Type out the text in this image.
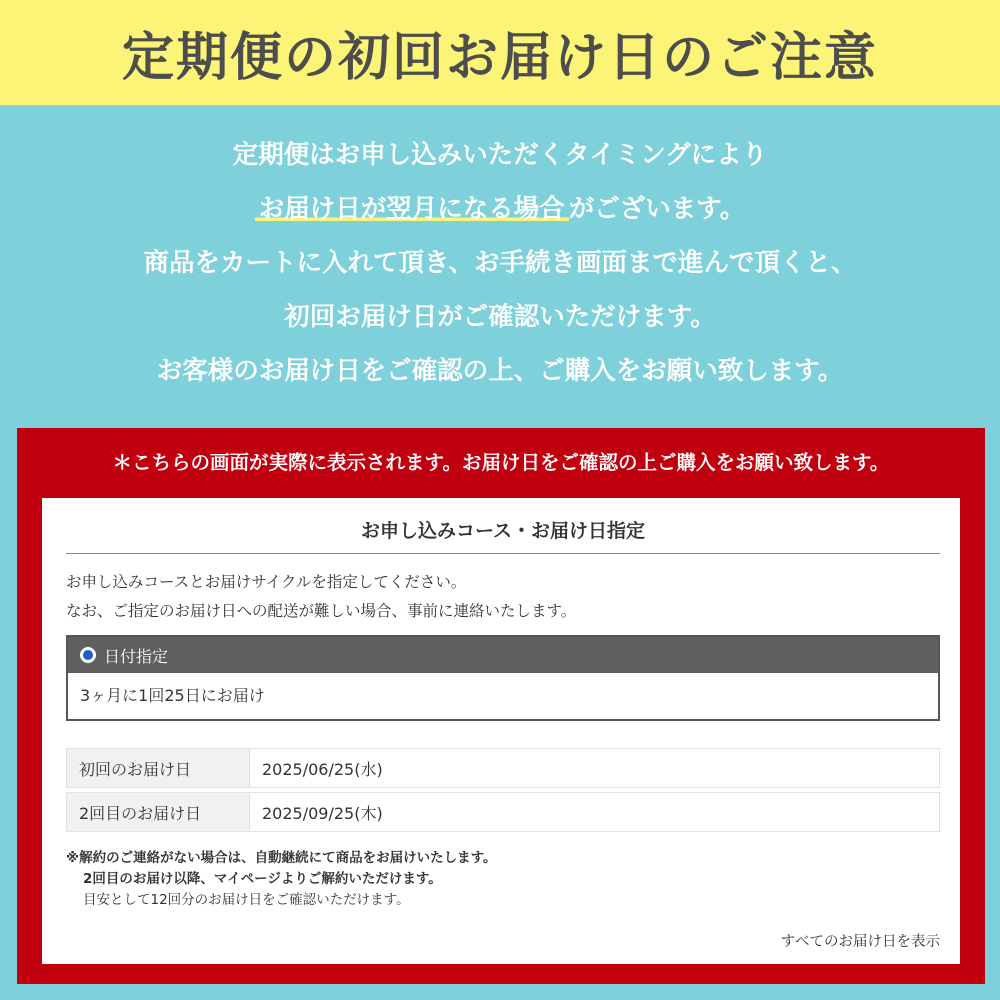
定期便の初回お届け日のご注意
定期便はお申し込みいただくタイミングにより
お届け日が翌月になる場合 がございます。
商品をカートに入れて頂き、お手続き画面まで進んで頂くと、
初回お届け日がご確認いただけます。
お客様のお届け日をご確認の上、ご購入をお願い致します。
＊こちらの画面が実際に表示されます。お届け日をご確認の上ご購入をお願い致します。
お申し込みコース・お届け日指定
お申し込みコースとお届けサイクルを指定してください。
なお、ご指定のお届け日への配送が難しい場合、事前に連絡いたします。
日付指定
3ヶ月に1回25日にお届け
初回のお届け日	2025/06/25(水)

2回目のお届け日	2025/09/25(木)
※解約のご連絡がない場合は、自動継続にて商品をお届けいたします。
2回目のお届け以降、マイページよりご解約いただけます。
目安として12回分のお届け日をご確認いただけます。
すべてのお届け日を表示
